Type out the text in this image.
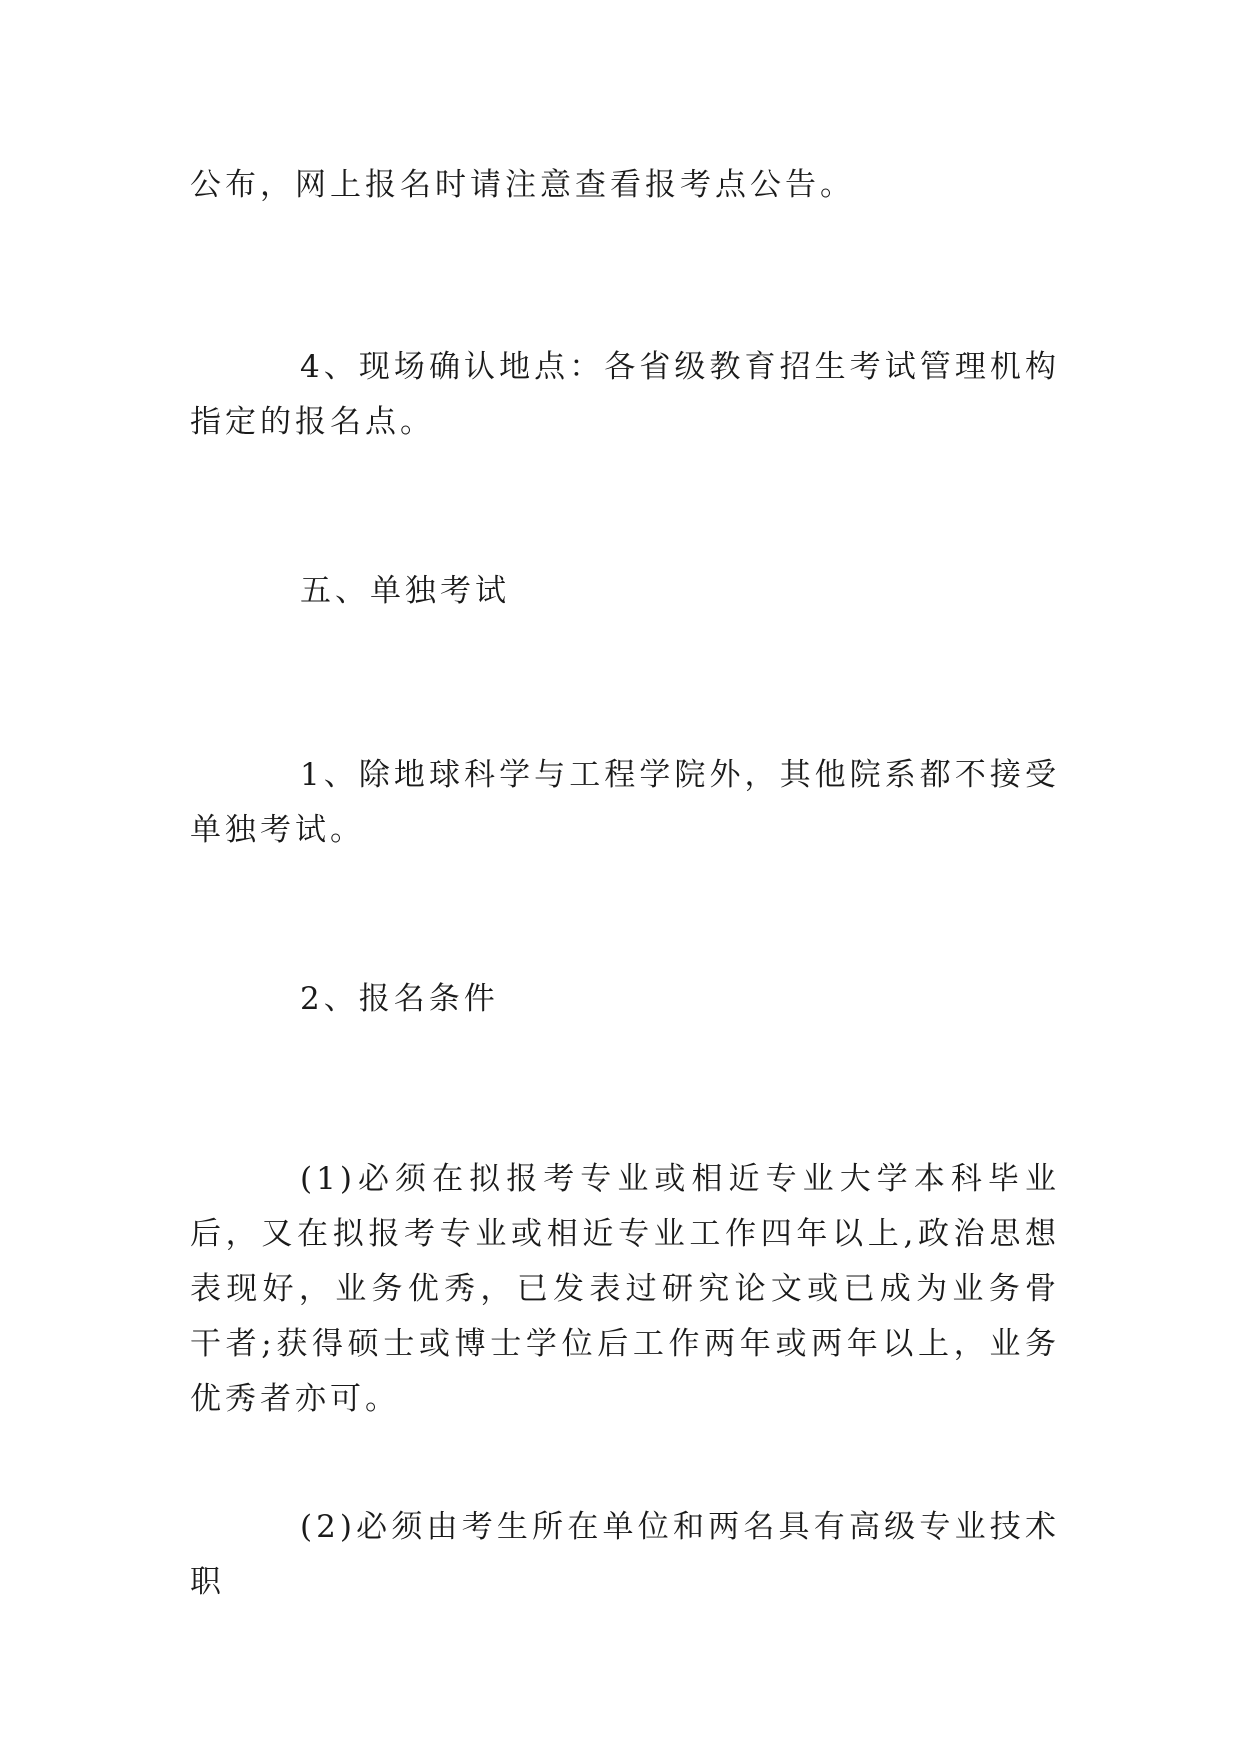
公布，网上报名时请注意查看报考点公告。

4、现场确认地点：各省级教育招生考试管理机构指定的报名点。

五、单独考试

1、除地球科学与工程学院外，其他院系都不接受单独考试。

2、报名条件

(1)必须在拟报考专业或相近专业大学本科毕业后，又在拟报考专业或相近专业工作四年以上,政治思想表现好，业务优秀，已发表过研究论文或已成为业务骨干者;获得硕士或博士学位后工作两年或两年以上，业务优秀者亦可。

(2)必须由考生所在单位和两名具有高级专业技术职
